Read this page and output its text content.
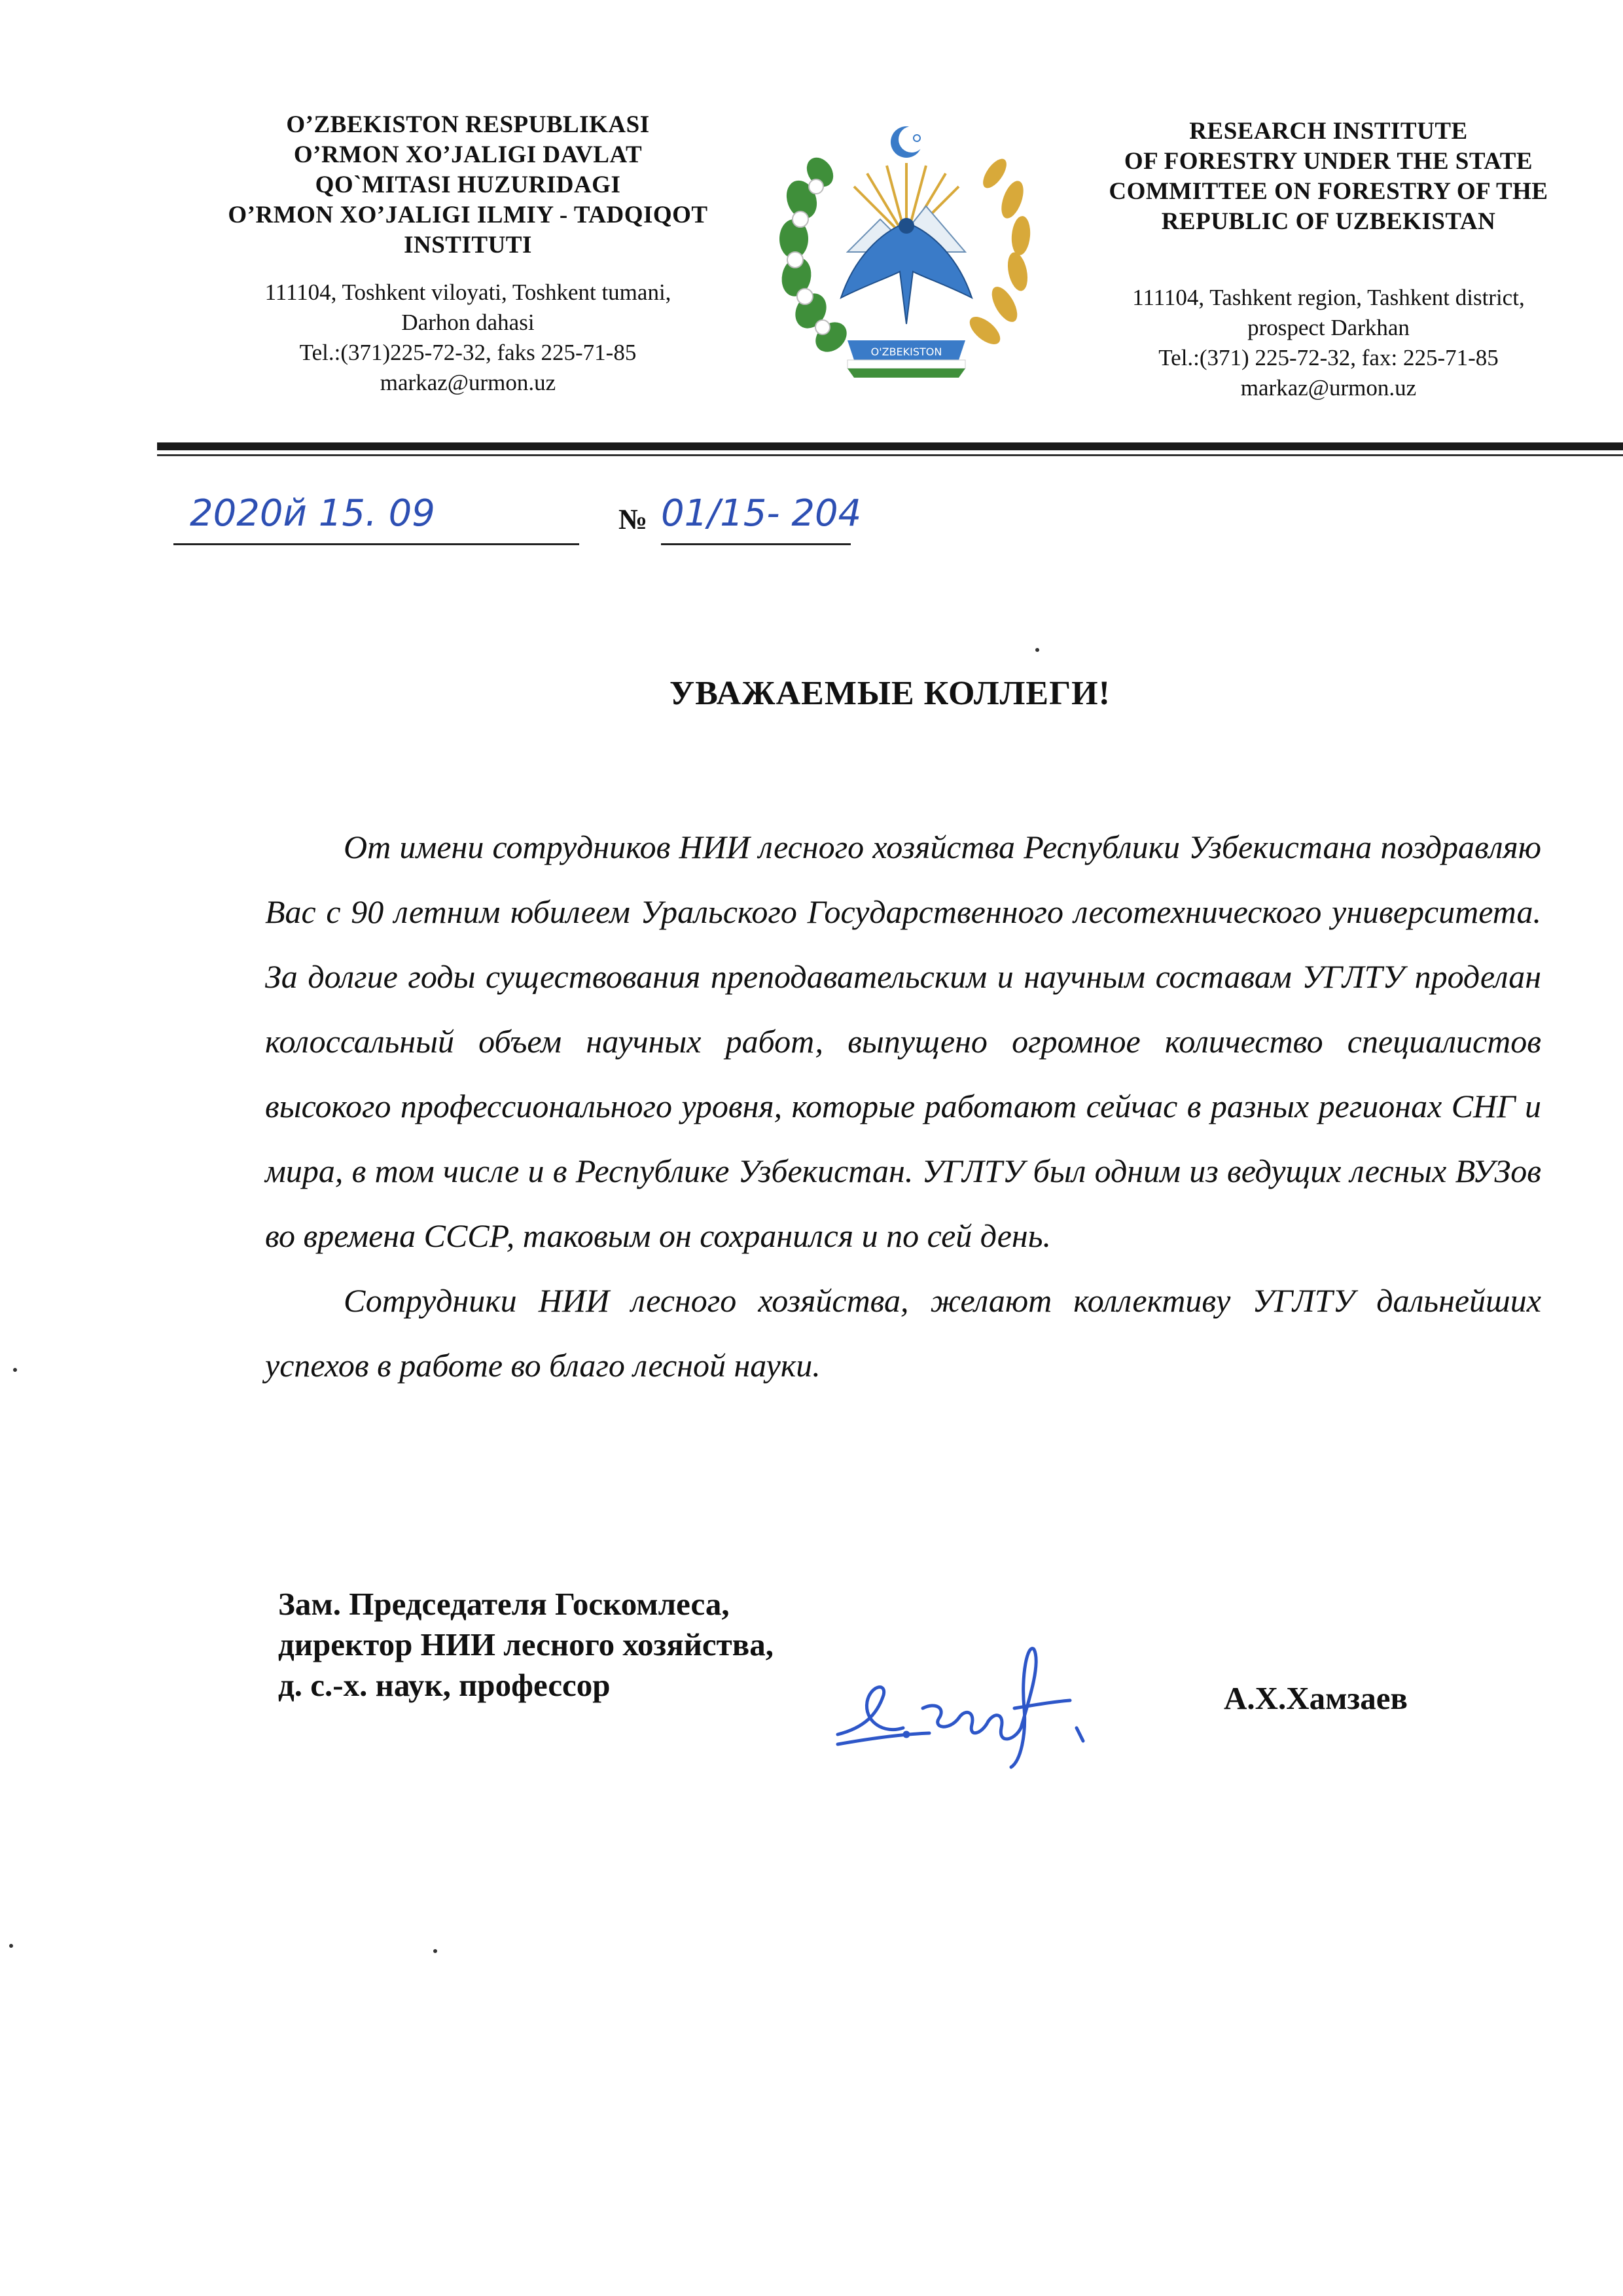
O’ZBEKISTON RESPUBLIKASI
O’RMON XO’JALIGI DAVLAT
QO`MITASI HUZURIDAGI
O’RMON XO’JALIGI ILMIY - TADQIQOT
INSTITUTI
111104, Toshkent viloyati, Toshkent tumani,
Darhon dahasi
Tel.:(371)225-72-32, faks 225-71-85
markaz@urmon.uz
O'ZBEKISTON
RESEARCH INSTITUTE
OF FORESTRY UNDER THE STATE
COMMITTEE ON FORESTRY OF THE
REPUBLIC OF UZBEKISTAN
111104, Tashkent region, Tashkent district,
prospect Darkhan
Tel.:(371) 225-72-32, fax: 225-71-85
markaz@urmon.uz
2020й 15. 09	№ 01/15- 204
УВАЖАЕМЫЕ КОЛЛЕГИ!

От имени сотрудников НИИ лесного хозяйства Республики Узбекистана поздравляю Вас с 90 летним юбилеем Уральского Государственного лесотехнического университета. За долгие годы существования преподавательским и научным составам УГЛТУ проделан колоссальный объем научных работ, выпущено огромное количество специалистов высокого профессионального уровня, которые работают сейчас в разных регионах СНГ и мира, в том числе и в Республике Узбекистан. УГЛТУ был одним из ведущих лесных ВУЗов во времена СССР, таковым он сохранился и по сей день.

Сотрудники НИИ лесного хозяйства, желают коллективу УГЛТУ дальнейших успехов в работе во благо лесной науки.

Зам. Председателя Госкомлеса,
директор НИИ лесного хозяйства,
д. с.-х. наук, профессор	А.Х.Хамзаев
